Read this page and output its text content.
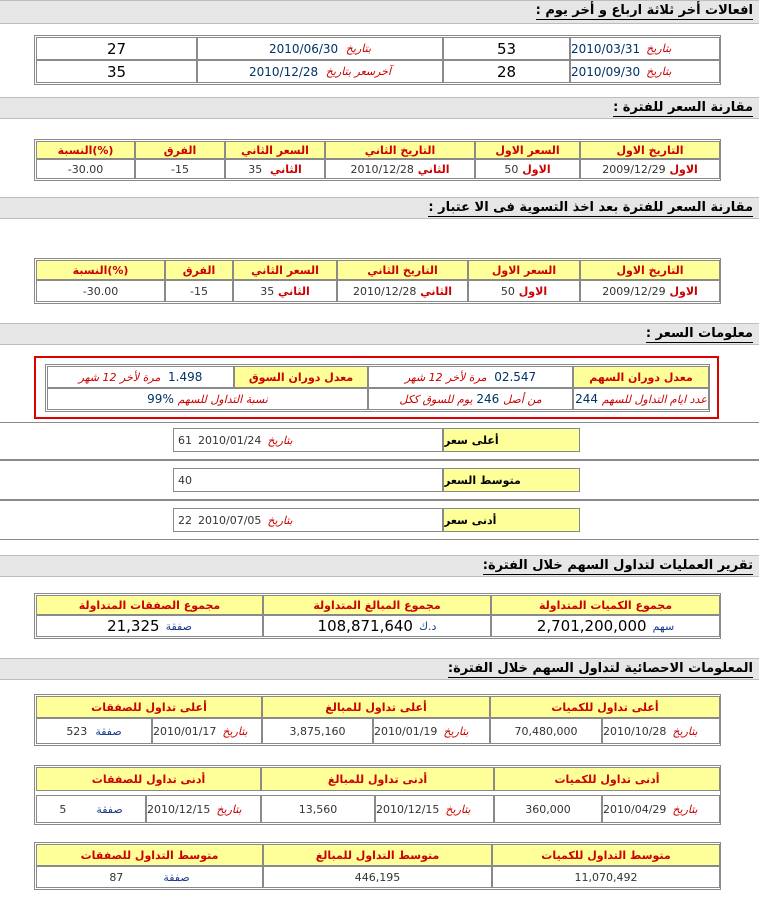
افعالات أخر ثلاثة ارباع و أخر يوم :
بتاريخ
2010/03/31
53
بتاريخ

2010/06/30
27
بتاريخ
2010/09/30
28
آخرسعر بتاريخ

2010/12/28
35
مقارنة السعر للفترة :
التاريخ الاول
السعر الاول
التاريخ الثاني
السعر الثاني
الفرق
(%)النسبة
الاول

2009/12/29
الاول

50
الثاني

2010/12/28
الثاني

35
15-
30.00-
مقارنة السعر للفترة بعد اخذ التسوية فى الا عتبار :
التاريخ الاول
السعر الاول
التاريخ الثاني
السعر الثاني
الفرق
(%)النسبة
الاول

2009/12/29
الاول

50
الثاني

2010/12/28
الثاني

35
15-
30.00-
معلومات السعر :
معدل دوران السهم
02.547

مرة لأخر 12 شهر
معدل دوران السوق
1.498

مرة لأخر 12 شهر
عدد ايام التداول للسهم

244
من أصل

246

يوم للسوق ككل
نسبة التداول للسهم

99%
أعلى سعر
61 2010/01/24 بتاريخ
متوسط السعر
40
أدنى سعر
22 2010/07/05 بتاريخ
تقرير العمليات لتداول السهم خلال الفترة:
مجموع الكميات المتداولة
مجموع المبالغ المتداولة
مجموع الصفقات المتداولة
سهم
2,701,200,000
د.ك
108,871,640
صفقة
21,325
المعلومات الاحصائية لتداول السهم خلال الفترة:
أعلى تداول للكميات
أعلى تداول للمبالغ
أعلى تداول للصفقات
بتاريخ
2010/10/28
70,480,000
بتاريخ
2010/01/19
3,875,160
بتاريخ
2010/01/17
صفقة
523
أدنى تداول للكميات
أدنى تداول للمبالغ
أدنى تداول للصفقات
بتاريخ
2010/04/29
360,000
بتاريخ
2010/12/15
13,560
بتاريخ
2010/12/15
صفقة
5
متوسط التداول للكميات
متوسط التداول للمبالغ
متوسط التداول للصفقات
11,070,492
446,195
صفقة
87
